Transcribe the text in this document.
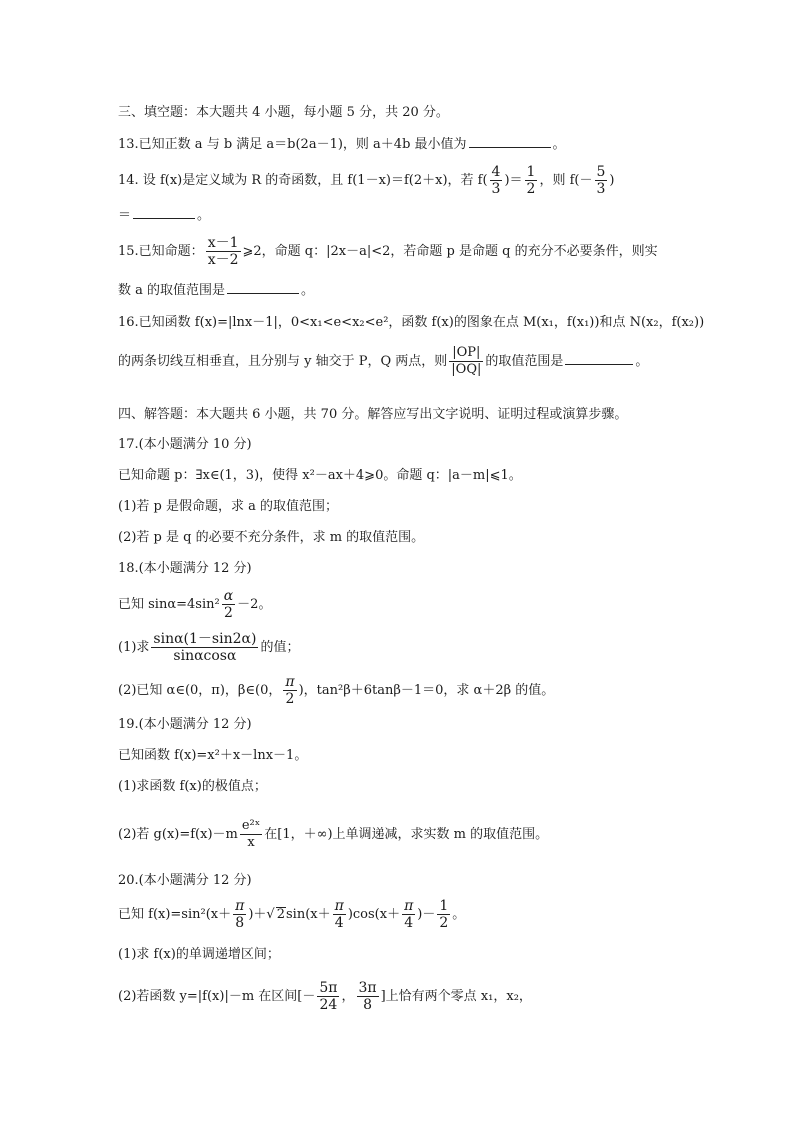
三、填空题：本大题共 4 小题，每小题 5 分，共 20 分。
13.已知正数 a 与 b 满足 a＝b(2a－1)，则 a＋4b 最小值为	。
14. 设 f(x)是定义域为 R 的奇函数，且 f(1－x)＝f(2＋x)，若 $f( \frac{4}{3}$ )＝ $\frac{1}{2}$ ，则 $f(- \frac{5}{3}$ )
＝	。
15.已知命题： $\frac{x-1}{x-2}$ ⩾2，命题 q：|2x－a|<2，若命题 p 是命题 q 的充分不必要条件，则实
数 a 的取值范围是	。
16.已知函数 f(x)=|lnx－1|，0<x₁<e<x₂<e²，函数 f(x)的图象在点 M(x₁，f(x₁))和点 N(x₂，f(x₂))
的两条切线互相垂直，且分别与 y 轴交于 P，Q 两点，则 $\frac{|OP|}{|OQ|}$ 的取值范围是	。
四、解答题：本大题共 6 小题，共 70 分。解答应写出文字说明、证明过程或演算步骤。
17.(本小题满分 10 分)
已知命题 p：∃x∈(1，3)，使得 x²－ax＋4⩾0。命题 q：|a－m|⩽1。
(1)若 p 是假命题，求 a 的取值范围；
(2)若 p 是 q 的必要不充分条件，求 m 的取值范围。
18.(本小题满分 12 分)
已知 $\sin\alpha=4\sin^2 \frac{\alpha}{2} -2$。
(1)求 $\frac{\sin\alpha(1-\sin 2\alpha)}{\sin\alpha\cos\alpha}$ 的值；
(2)已知 α∈(0，π)，β∈(0， $\frac{\pi}{2}$ )，tan²β＋6tanβ－1＝0，求 α＋2β 的值。
19.(本小题满分 12 分)
已知函数 f(x)=x²＋x－lnx－1。
(1)求函数 f(x)的极值点；
(2)若 $g(x)=f(x)-m \frac{\text{e²ˣ}}{x}$ 在[1，＋∞)上单调递减，求实数 m 的取值范围。
20.(本小题满分 12 分)
已知 $f(x)=\sin^2(x+ \frac{\pi}{8}$ )＋√ $2\sin(x+ \frac{\pi}{4} )\cos(x+ \frac{\pi}{4}$ )－ $\frac{1}{2}$ 。
(1)求 f(x)的单调递增区间；
(2)若函数 y=|f(x)|－m 在区间[－ $\frac{5\pi}{24}$ ， $\frac{3\pi}{8}$ ]上恰有两个零点 x₁，x₂，
